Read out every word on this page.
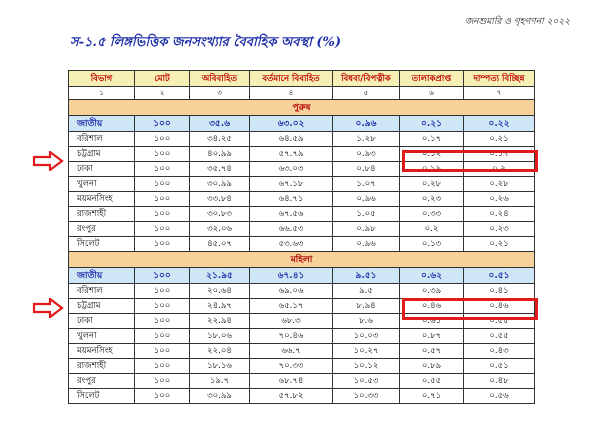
জনশুমারি ও গৃহগণনা ২০২২
স-১.৫ লিঙ্গভিত্তিক জনসংখ্যার বৈবাহিক অবস্থা (%)
বিভাগ	মোট	অবিবাহিত	বর্তমানে বিবাহিত	বিধবা/বিপত্নীক	তালাকপ্রাপ্ত	দাম্পত্য বিচ্ছিন্ন
১	২	৩	৪	৫	৬	৭
পুরুষ						
জাতীয়	১০০	৩৫.৬	৬৩.০২	০.৯৬	০.২১	০.২২
বরিশাল	১০০	৩৪.২৫	৬৪.৫৯	১.২৮	০.১৭	০.২১
চট্টগ্রাম	১০০	৪০.৯৯	৫৭.৭৯	০.৯৩	০.১২	০.১৭
ঢাকা	১০০	৩৫.৭৪	৬৩.০৩	০.৮৪	০.১৯	০.২
খুলনা	১০০	৩০.৯৯	৬৭.১৮	১.০৭	০.২৮	০.২৮
ময়মনসিংহ	১০০	৩৩.৮৪	৬৪.৭১	০.৯৬	০.২৩	০.২৬
রাজশাহী	১০০	৩০.৮৩	৬৭.৫৬	১.০৫	০.৩৩	০.২৪
রংপুর	১০০	৩২.০৬	৬৬.৫৩	০.৯৮	০.২	০.২৩
সিলেট	১০০	৪৫.০৭	৫৩.৬৩	০.৯৬	০.১৩	০.২১
মহিলা						
জাতীয়	১০০	২১.৯৫	৬৭.৪১	৯.৫১	০.৬২	০.৫১
বরিশাল	১০০	২০.৬৪	৬৯.০৬	৯.৫	০.৩৯	০.৪১
চট্টগ্রাম	১০০	২৪.৯৭	৬৫.১৭	৮.৯৪	০.৪৬	০.৪৬
ঢাকা	১০০	২২.৯৪	৬৮.৩	৮.৬	০.৬১	০.৫৫
খুলনা	১০০	১৮.০৬	৭০.৪৬	১০.০৩	০.৮৭	০.৫৫
ময়মনসিংহ	১০০	২২.০৪	৬৬.৭	১০.২৭	০.৫৭	০.৪৩
রাজশাহী	১০০	১৮.১৬	৭০.৩৩	১০.১২	০.৮৯	০.৫১
রংপুর	১০০	১৯.৭	৬৮.৭৪	১০.৫৩	০.৫৫	০.৪৮
সিলেট	১০০	৩০.৯৯	৫৭.৮২	১০.৩৩	০.৭১	০.৫৬
